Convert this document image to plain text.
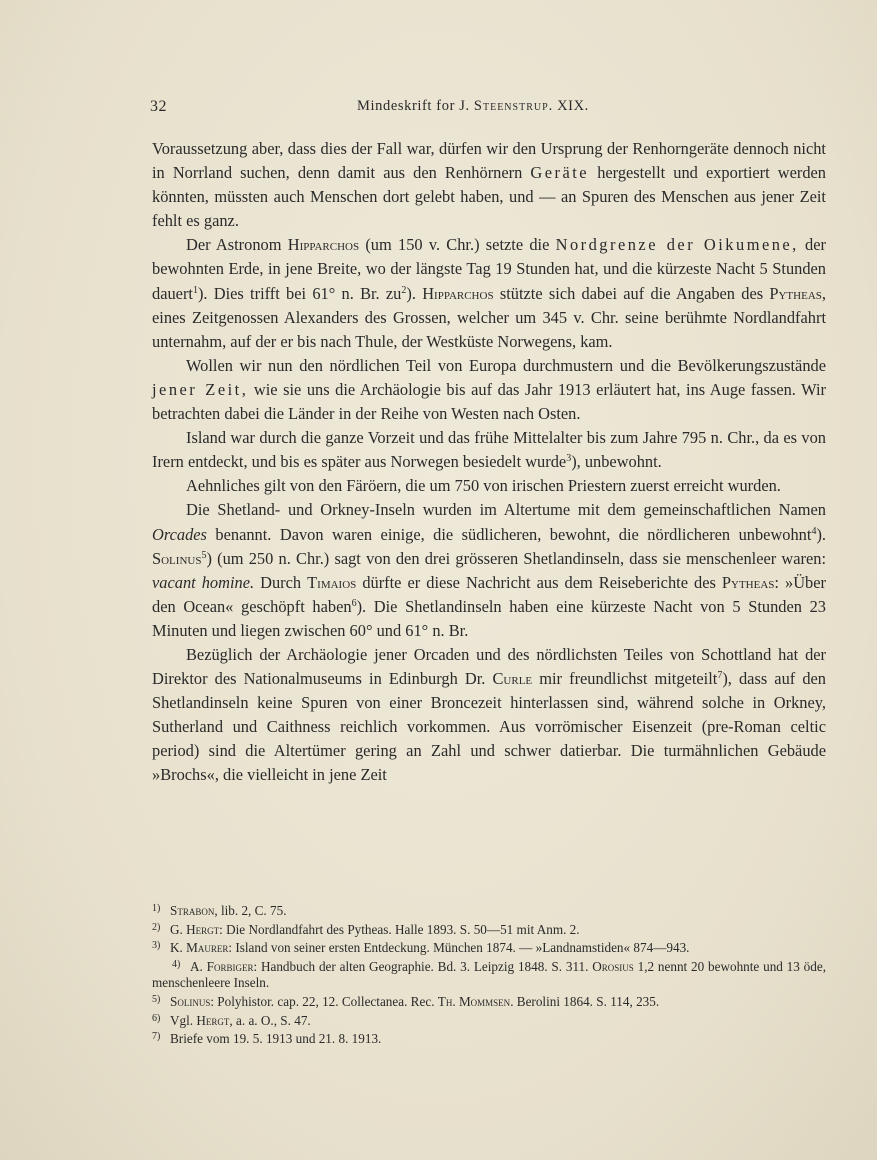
32	Mindeskrift for J. Steenstrup. XIX.

Voraussetzung aber, dass dies der Fall war, dürfen wir den Ursprung der Renhorngeräte dennoch nicht in Norrland suchen, denn damit aus den Renhörnern Geräte hergestellt und exportiert werden könnten, müssten auch Menschen dort gelebt haben, und — an Spuren des Menschen aus jener Zeit fehlt es ganz.

Der Astronom Hipparchos (um 150 v. Chr.) setzte die Nordgrenze der Oikumene, der bewohnten Erde, in jene Breite, wo der längste Tag 19 Stunden hat, und die kürzeste Nacht 5 Stunden dauert$^1$). Dies trifft bei 61° n. Br. $zu^2$). Hipparchos stützte sich dabei auf die Angaben des Pytheas, eines Zeitgenossen Alexanders des Grossen, welcher um 345 v. Chr. seine berühmte Nordlandfahrt unternahm, auf der er bis nach Thule, der Westküste Norwegens, kam.

Wollen wir nun den nördlichen Teil von Europa durchmustern und die Bevölkerungszustände jener Zeit, wie sie uns die Archäologie bis auf das Jahr 1913 erläutert hat, ins Auge fassen. Wir betrachten dabei die Länder in der Reihe von Westen nach Osten.

Island war durch die ganze Vorzeit und das frühe Mittelalter bis zum Jahre 795 n. Chr., da es von Irern entdeckt, und bis es später aus Norwegen besiedelt wurde$^3$), unbewohnt.

Aehnliches gilt von den Färöern, die um 750 von irischen Priestern zuerst erreicht wurden.

Die Shetland- und Orkney-Inseln wurden im Altertume mit dem gemeinschaftlichen Namen Orcades benannt. Davon waren einige, die südlicheren, bewohnt, die nördlicheren unbewohnt$^4$). Solinus$^5$) (um 250 n. Chr.) sagt von den drei grösseren Shetlandinseln, dass sie menschenleer waren: vacant homine. Durch Timaios dürfte er diese Nachricht aus dem Reiseberichte des Pytheas: »Über den Ocean« geschöpft haben$^6$). Die Shetlandinseln haben eine kürzeste Nacht von 5 Stunden 23 Minuten und liegen zwischen 60° und 61° n. Br.

Bezüglich der Archäologie jener Orcaden und des nördlichsten Teiles von Schottland hat der Direktor des Nationalmuseums in Edinburgh Dr. Curle mir freundlichst mitgeteilt$^7$), dass auf den Shetlandinseln keine Spuren von einer Broncezeit hinterlassen sind, während solche in Orkney, Sutherland und Caithness reichlich vorkommen. Aus vorrömischer Eisenzeit (pre-Roman celtic period) sind die Altertümer gering an Zahl und schwer datierbar. Die turmähnlichen Gebäude »Brochs«, die vielleicht in jene Zeit

1) Strabon, lib. 2, C. 75.

2) G. Hergt: Die Nordlandfahrt des Pytheas. Halle 1893. S. 50—51 mit Anm. 2.

3) K. Maurer: Island von seiner ersten Entdeckung. München 1874. — »Landnamstiden« 874—943.

4) A. Forbiger: Handbuch der alten Geographie. Bd. 3. Leipzig 1848. S. 311. Orosius 1,2 nennt 20 bewohnte und 13 öde, menschenleere Inseln.

5) Solinus: Polyhistor. cap. 22, 12. Collectanea. Rec. Th. Mommsen. Berolini 1864. S. 114, 235.

6) Vgl. Hergt, a. a. O., S. 47.

7) Briefe vom 19. 5. 1913 und 21. 8. 1913.
